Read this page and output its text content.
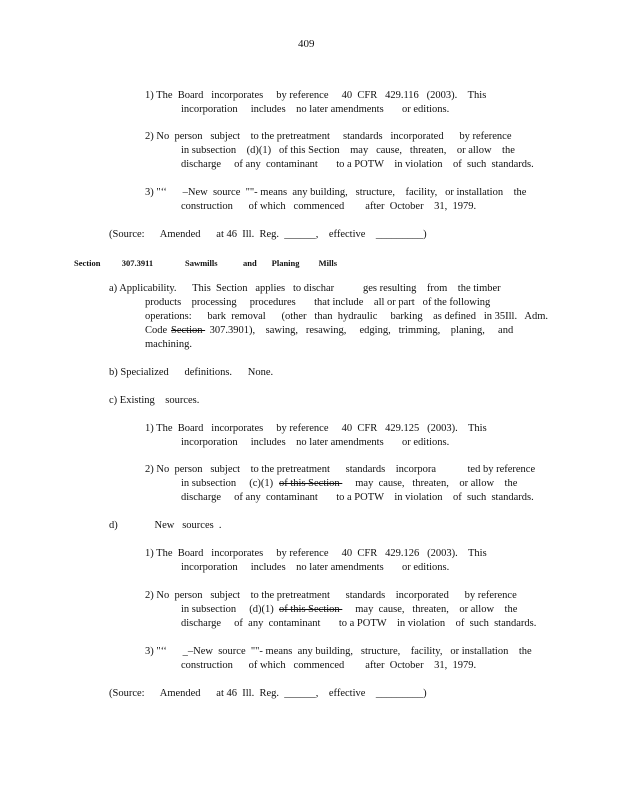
409
Section          307.3911               Sawmills            and       Planing         Mills
1) The  Board   incorporates     by reference     40  CFR   429.116   (2003).    This
incorporation     includes    no later amendments       or editions.
2) No  person   subject    to the pretreatment     standards   incorporated      by reference
in subsection    (d)(1)   of this Section    may   cause,   threaten,    or allow    the
discharge     of any  contaminant       to a POTW    in violation    of  such  standards.
3) "‘‘      –New  source  ""- means  any building,   structure,    facility,   or installation    the
construction      of which   commenced        after  October    31,  1979.
(Source:      Amended      at 46  Ill.  Reg.  ______,    effective    _________)
a) Applicability.      This  Section   applies   to dischar           ges resulting    from    the timber
products    processing     procedures       that include    all or part   of the following
operations:      bark  removal      (other   than  hydraulic     barking    as defined   in 35Ill.   Adm.
Code Section 307.3901),    sawing,   resawing,     edging,   trimming,    planing,     and
machining.
b) Specialized      definitions.      None.
c) Existing    sources.
1) The  Board   incorporates     by reference     40  CFR   429.125   (2003).    This
incorporation     includes    no later amendments       or editions.
2) No  person   subject    to the pretreatment      standards    incorpora            ted by reference
in subsection     (c)(1)
of this Section may  cause,   threaten,    or allow    the
discharge     of any  contaminant       to a POTW    in violation    of  such  standards.
d)              New   sources  .
1) The  Board   incorporates     by reference     40  CFR   429.126   (2003).    This
incorporation     includes    no later amendments       or editions.
2) No  person   subject    to the pretreatment      standards    incorporated      by reference
in subsection     (d)(1)
of this Section may  cause,   threaten,    or allow    the
discharge     of  any  contaminant       to a POTW    in violation    of  such  standards.
3) "‘‘      _–New  source  ""- means  any building,   structure,    facility,   or installation    the
construction      of which   commenced        after  October    31,  1979.
(Source:      Amended      at 46  Ill.  Reg.  ______,    effective    _________)
